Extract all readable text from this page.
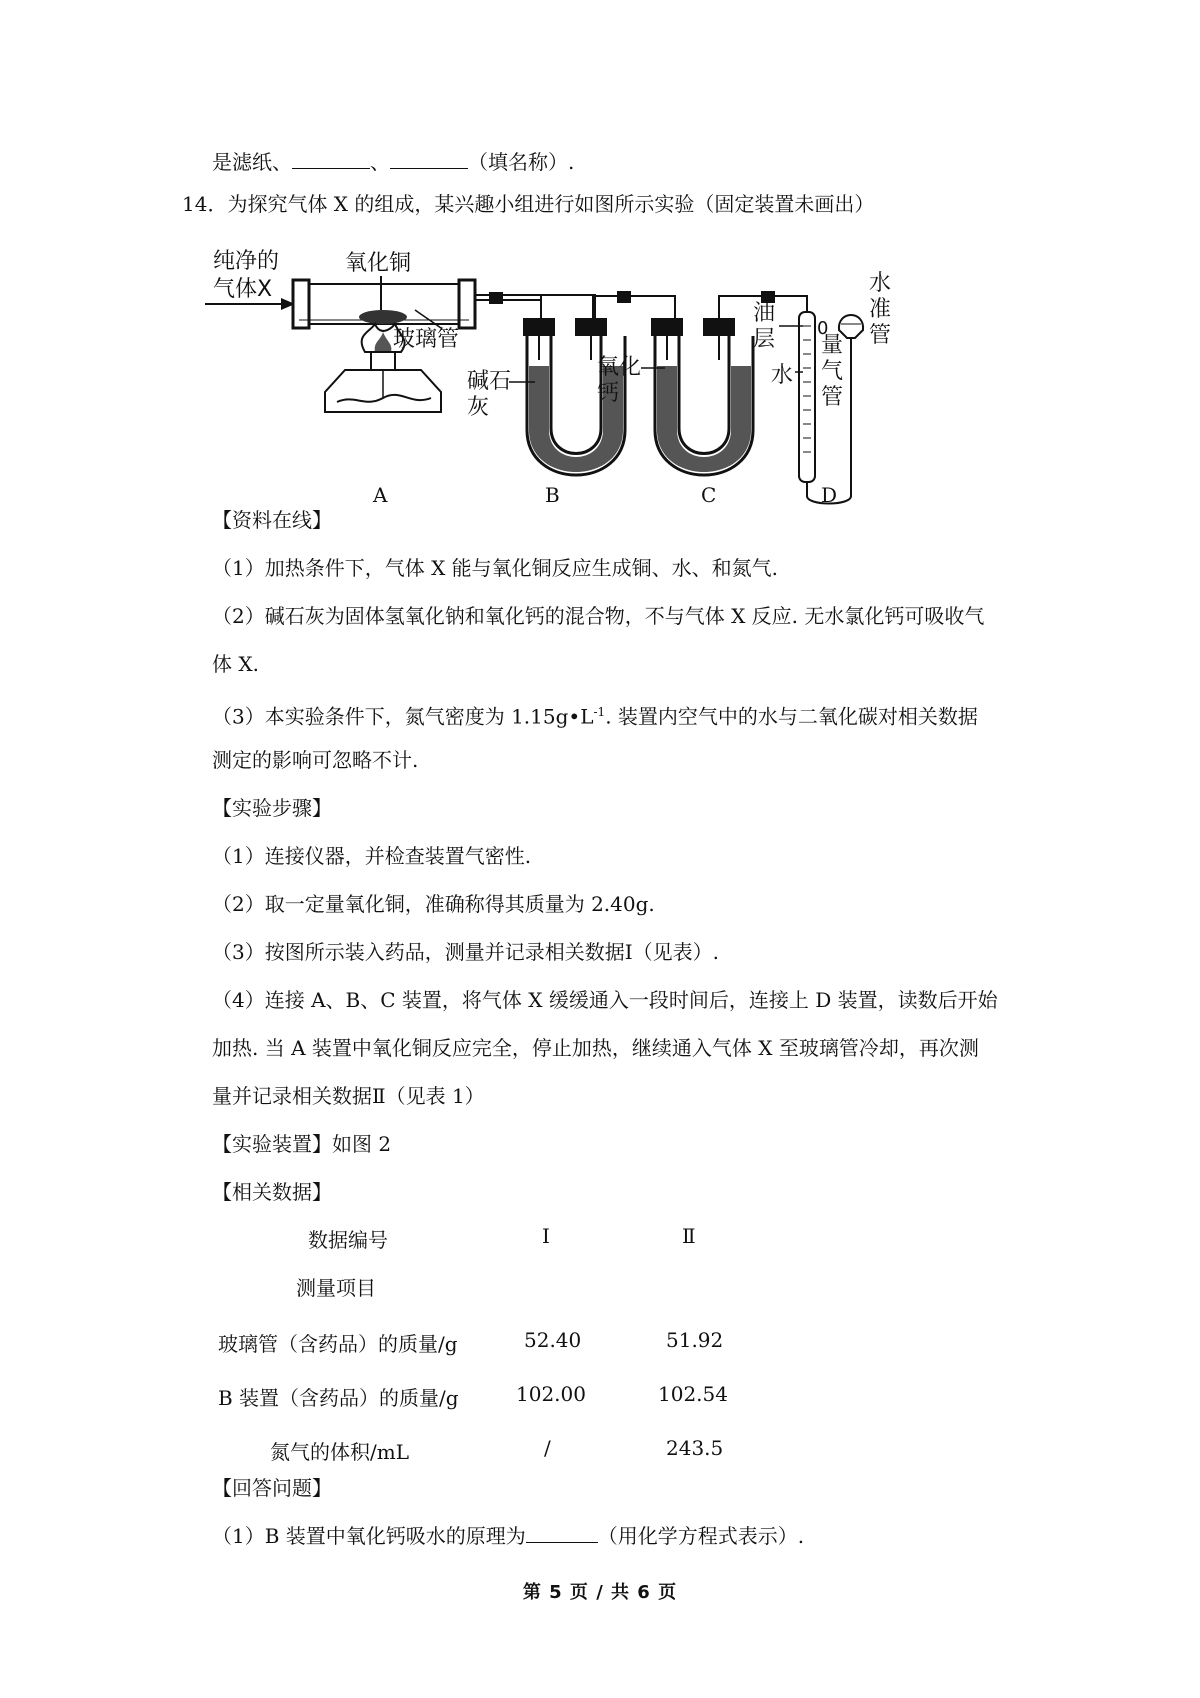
是滤纸、	、	（填名称）.
14．为探究气体 X 的组成，某兴趣小组进行如图所示实验（固定装置未画出）
纯净的
气体X
氧化铜
玻璃管
碱石
灰
氧化
钙
0
油
层
水
量
气
管
水
准
管
A	B	C	D
【资料在线】
（1）加热条件下，气体 X 能与氧化铜反应生成铜、水、和氮气.
（2）碱石灰为固体氢氧化钠和氧化钙的混合物，不与气体 X 反应. 无水氯化钙可吸收气
体 X.
（3）本实验条件下，氮气密度为 $1.15g•L^{-1}$. 装置内空气中的水与二氧化碳对相关数据
测定的影响可忽略不计.
【实验步骤】
（1）连接仪器，并检查装置气密性.
（2）取一定量氧化铜，准确称得其质量为 2.40g.
（3）按图所示装入药品，测量并记录相关数据Ⅰ（见表）.
（4）连接 A、B、C 装置，将气体 X 缓缓通入一段时间后，连接上 D 装置，读数后开始
加热. 当 A 装置中氧化铜反应完全，停止加热，继续通入气体 X 至玻璃管冷却，再次测
量并记录相关数据Ⅱ（见表 1）
【实验装置】如图 2
【相关数据】
数据编号
测量项目
Ⅰ	Ⅱ
玻璃管（含药品）的质量/g	52.40	51.92
B 装置（含药品）的质量/g	102.00	102.54
氮气的体积/mL	/	243.5
【回答问题】
（1）B 装置中氧化钙吸水的原理为	（用化学方程式表示）.
第 5 页 / 共 6 页
